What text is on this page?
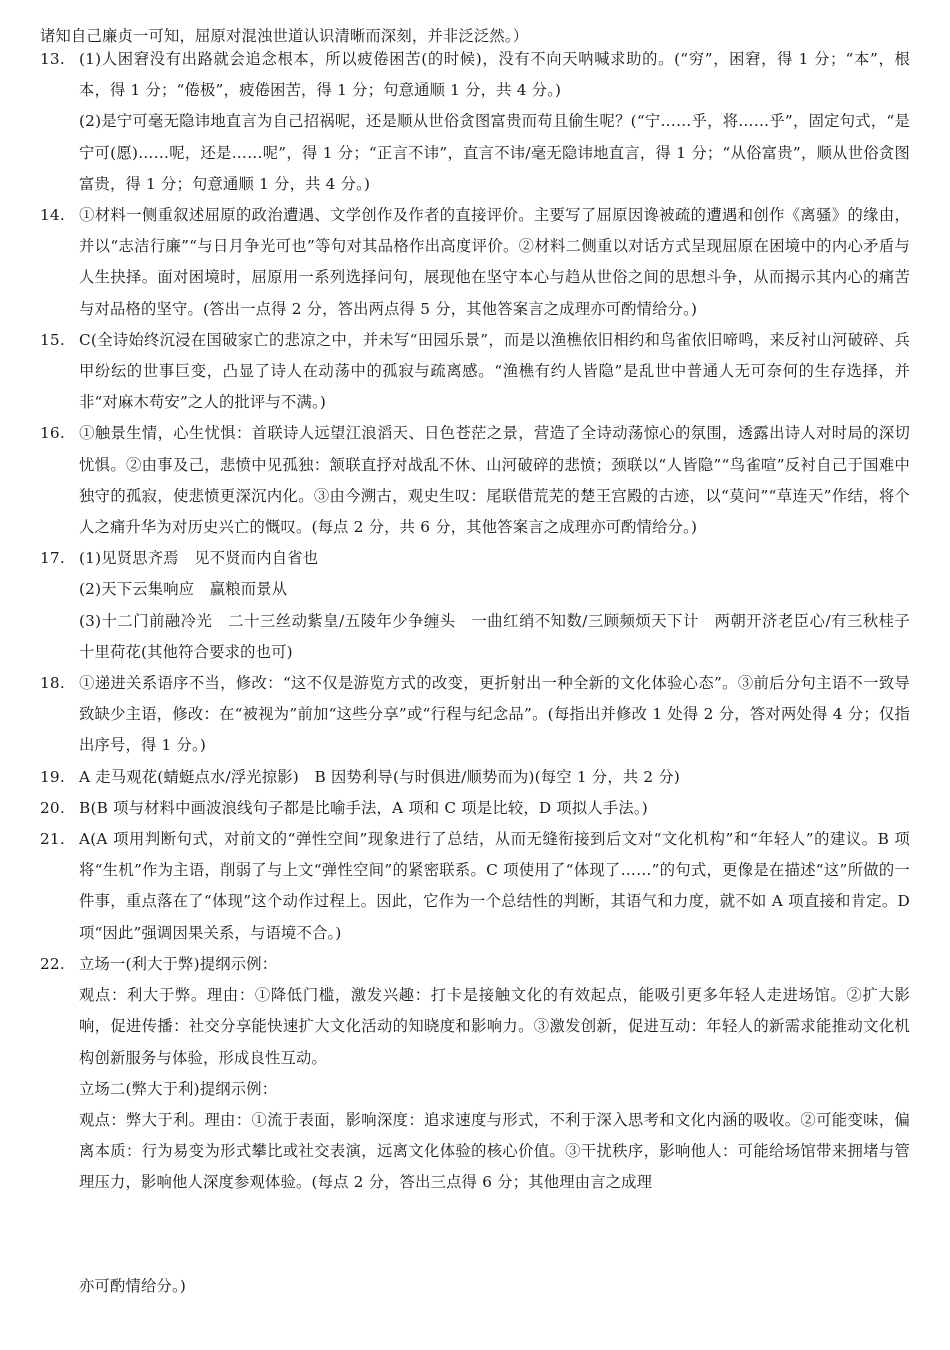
诸知自己廉贞一可知，屈原对混浊世道认识清晰而深刻，并非泛泛然。）

13. (1)人困窘没有出路就会追念根本，所以疲倦困苦(的时候)，没有不向天呐喊求助的。(“穷”，困窘，得 1 分；“本”，根本，得 1 分；“倦极”，疲倦困苦，得 1 分；句意通顺 1 分，共 4 分。)

(2)是宁可毫无隐讳地直言为自己招祸呢，还是顺从世俗贪图富贵而苟且偷生呢？(“宁……乎，将……乎”，固定句式，“是宁可(愿)……呢，还是……呢”，得 1 分；“正言不讳”，直言不讳/毫无隐讳地直言，得 1 分；“从俗富贵”，顺从世俗贪图富贵，得 1 分；句意通顺 1 分，共 4 分。)

14. ①材料一侧重叙述屈原的政治遭遇、文学创作及作者的直接评价。主要写了屈原因谗被疏的遭遇和创作《离骚》的缘由，并以“志洁行廉”“与日月争光可也”等句对其品格作出高度评价。②材料二侧重以对话方式呈现屈原在困境中的内心矛盾与人生抉择。面对困境时，屈原用一系列选择问句，展现他在坚守本心与趋从世俗之间的思想斗争，从而揭示其内心的痛苦与对品格的坚守。(答出一点得 2 分，答出两点得 5 分，其他答案言之成理亦可酌情给分。)

15. C(全诗始终沉浸在国破家亡的悲凉之中，并未写“田园乐景”，而是以渔樵依旧相约和鸟雀依旧啼鸣，来反衬山河破碎、兵甲纷纭的世事巨变，凸显了诗人在动荡中的孤寂与疏离感。“渔樵有约人皆隐”是乱世中普通人无可奈何的生存选择，并非“对麻木苟安”之人的批评与不满。)

16. ①触景生情，心生忧惧：首联诗人远望江浪滔天、日色苍茫之景，营造了全诗动荡惊心的氛围，透露出诗人对时局的深切忧惧。②由事及己，悲愤中见孤独：颔联直抒对战乱不休、山河破碎的悲愤；颈联以“人皆隐”“鸟雀喧”反衬自己于国难中独守的孤寂，使悲愤更深沉内化。③由今溯古，观史生叹：尾联借荒芜的楚王宫殿的古迹，以“莫问”“草连天”作结，将个人之痛升华为对历史兴亡的慨叹。(每点 2 分，共 6 分，其他答案言之成理亦可酌情给分。)

17. (1)见贤思齐焉　见不贤而内自省也

(2)天下云集响应　赢粮而景从

(3)十二门前融冷光　二十三丝动紫皇/五陵年少争缠头　一曲红绡不知数/三顾频烦天下计　两朝开济老臣心/有三秋桂子　十里荷花(其他符合要求的也可)

18. ①递进关系语序不当，修改：“这不仅是游览方式的改变，更折射出一种全新的文化体验心态”。③前后分句主语不一致导致缺少主语，修改：在“被视为”前加“这些分享”或“行程与纪念品”。(每指出并修改 1 处得 2 分，答对两处得 4 分；仅指出序号，得 1 分。)

19. A 走马观花(蜻蜓点水/浮光掠影)　B 因势利导(与时俱进/顺势而为)(每空 1 分，共 2 分)

20. B(B 项与材料中画波浪线句子都是比喻手法，A 项和 C 项是比较，D 项拟人手法。)

21. A(A 项用判断句式，对前文的“弹性空间”现象进行了总结，从而无缝衔接到后文对“文化机构”和“年轻人”的建议。B 项将“生机”作为主语，削弱了与上文“弹性空间”的紧密联系。C 项使用了“体现了……”的句式，更像是在描述“这”所做的一件事，重点落在了“体现”这个动作过程上。因此，它作为一个总结性的判断，其语气和力度，就不如 A 项直接和肯定。D 项“因此”强调因果关系，与语境不合。)

22. 立场一(利大于弊)提纲示例：

观点：利大于弊。理由：①降低门槛，激发兴趣：打卡是接触文化的有效起点，能吸引更多年轻人走进场馆。②扩大影响，促进传播：社交分享能快速扩大文化活动的知晓度和影响力。③激发创新，促进互动：年轻人的新需求能推动文化机构创新服务与体验，形成良性互动。

立场二(弊大于利)提纲示例：

观点：弊大于利。理由：①流于表面，影响深度：追求速度与形式，不利于深入思考和文化内涵的吸收。②可能变味，偏离本质：行为易变为形式攀比或社交表演，远离文化体验的核心价值。③干扰秩序，影响他人：可能给场馆带来拥堵与管理压力，影响他人深度参观体验。(每点 2 分，答出三点得 6 分；其他理由言之成理

亦可酌情给分。)
